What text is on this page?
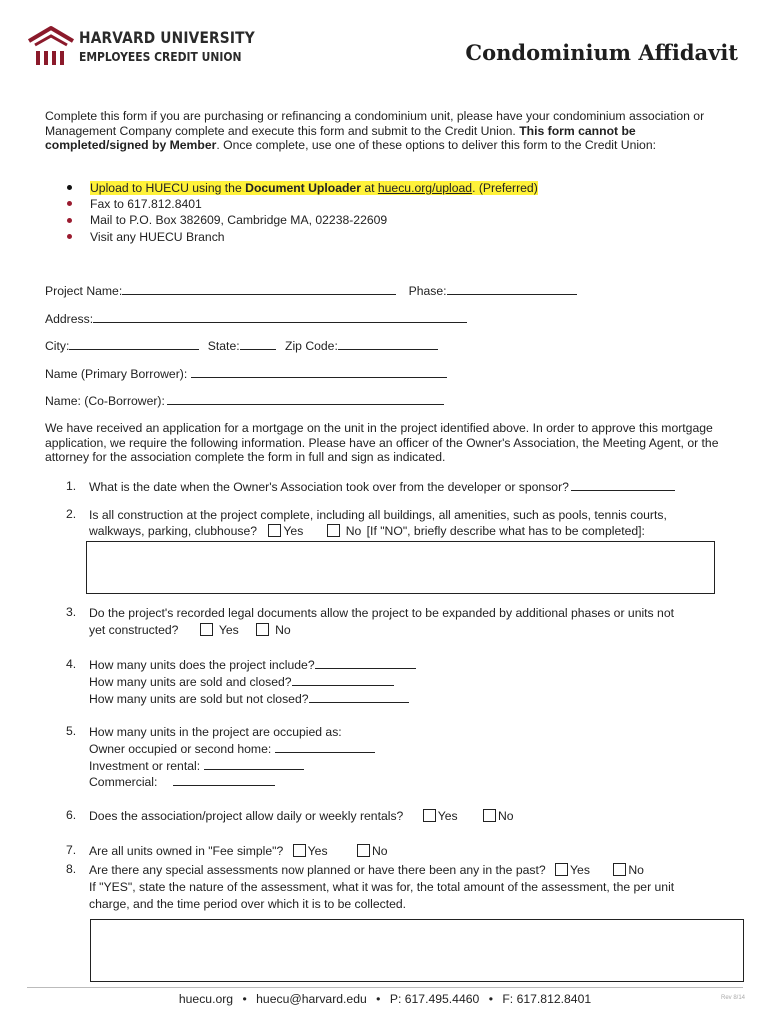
HARVARD UNIVERSITY
EMPLOYEES CREDIT UNION	Condominium Affidavit
Complete this form if you are purchasing or refinancing a condominium unit, please have your condominium association or Management Company complete and execute this form and submit to the Credit Union. This form cannot be completed/signed by Member. Once complete, use one of these options to deliver this form to the Credit Union:
Upload to HUECU using the Document Uploader at huecu.org/upload. (Preferred)
Fax to 617.812.8401
Mail to P.O. Box 382609, Cambridge MA, 02238-22609
Visit any HUECU Branch
Project Name:	Phase:
Address:
City:	State:	Zip Code:
Name (Primary Borrower):
Name: (Co-Borrower):
We have received an application for a mortgage on the unit in the project identified above. In order to approve this mortgage application, we require the following information. Please have an officer of the Owner's Association, the Meeting Agent, or the attorney for the association complete the form in full and sign as indicated.
1. What is the date when the Owner's Association took over from the developer or sponsor?
2. Is all construction at the project complete, including all buildings, all amenities, such as pools, tennis courts,
walkways, parking, clubhouse? Yes	No [If "NO", briefly describe what has to be completed]:
3. Do the project's recorded legal documents allow the project to be expanded by additional phases or units not
yet constructed?	Yes	No
4. How many units does the project include?
How many units are sold and closed?
How many units are sold but not closed?
5. How many units in the project are occupied as:
Owner occupied or second home:
Investment or rental:
Commercial:
6. Does the association/project allow daily or weekly rentals?	Yes	No
7. Are all units owned in "Fee simple"? Yes	No
8. Are there any special assessments now planned or have there been any in the past? Yes	No
If "YES", state the nature of the assessment, what it was for, the total amount of the assessment, the per unit
charge, and the time period over which it is to be collected.
huecu.org • huecu@harvard.edu • P: 617.495.4460 • F: 617.812.8401	Rev 8/14
